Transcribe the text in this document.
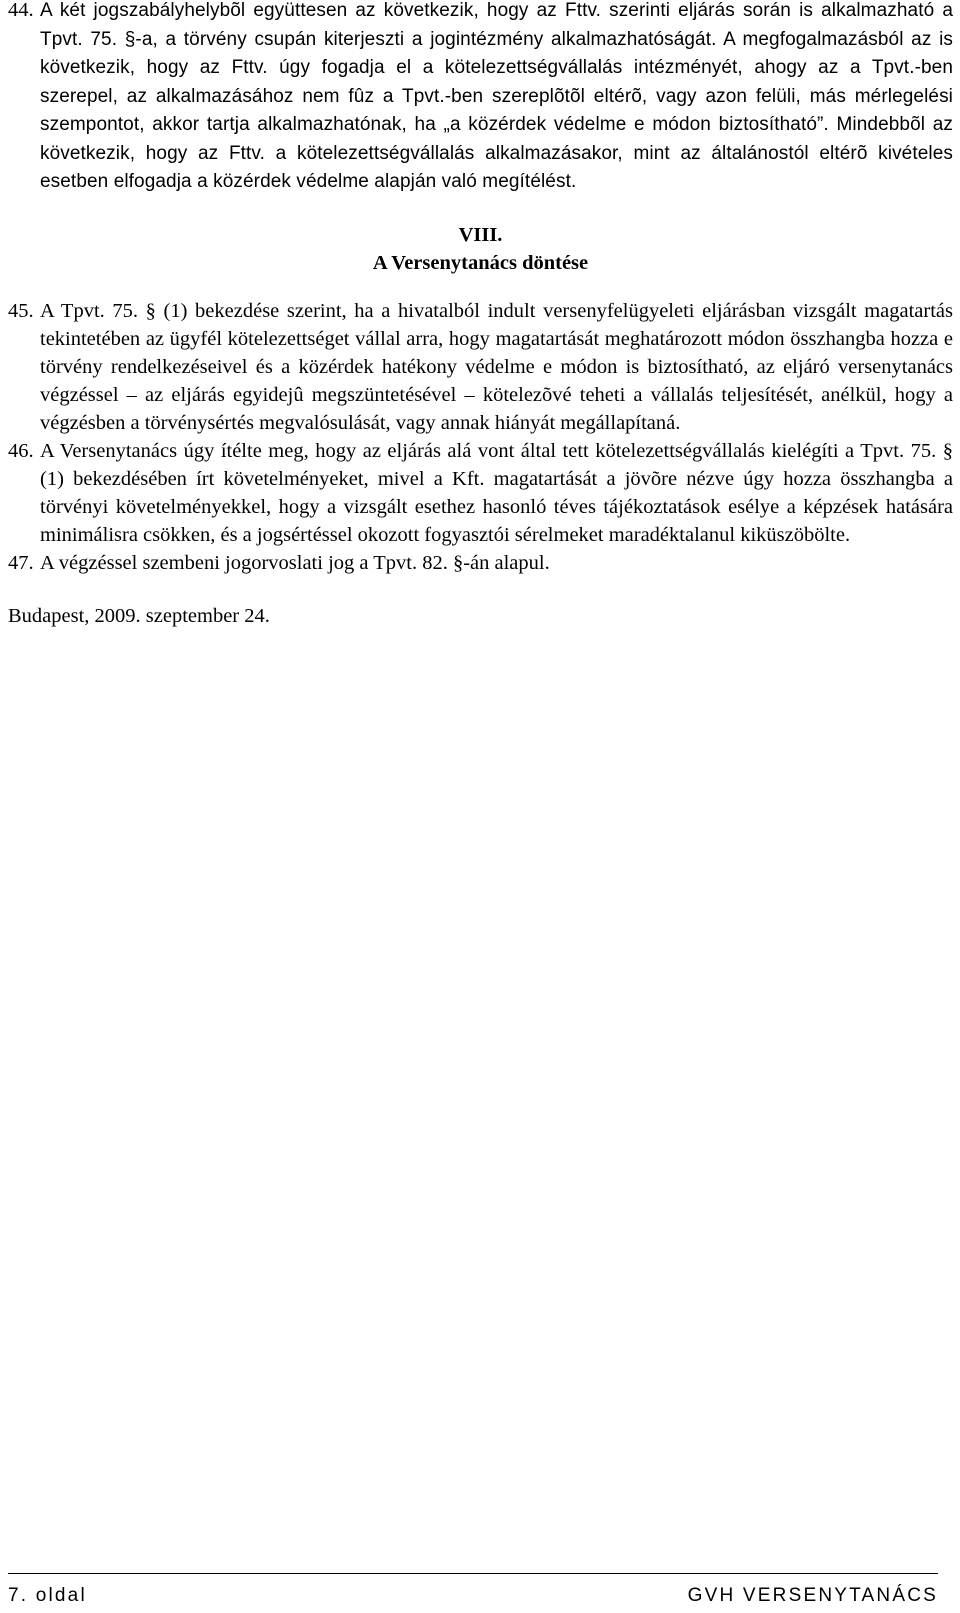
44. A két jogszabályhelybõl együttesen az következik, hogy az Fttv. szerinti eljárás során is alkalmazható a Tpvt. 75. §-a, a törvény csupán kiterjeszti a jogintézmény alkalmazhatóságát. A megfogalmazásból az is következik, hogy az Fttv. úgy fogadja el a kötelezettségvállalás intézményét, ahogy az a Tpvt.-ben szerepel, az alkalmazásához nem fûz a Tpvt.-ben szereplõtõl eltérõ, vagy azon felüli, más mérlegelési szempontot, akkor tartja alkalmazhatónak, ha „a közérdek védelme e módon biztosítható”. Mindebbõl az következik, hogy az Fttv. a kötelezettségvállalás alkalmazásakor, mint az általánostól eltérõ kivételes esetben elfogadja a közérdek védelme alapján való megítélést.

VIII.

A Versenytanács döntése

45. A Tpvt. 75. § (1) bekezdése szerint, ha a hivatalból indult versenyfelügyeleti eljárásban vizsgált magatartás tekintetében az ügyfél kötelezettséget vállal arra, hogy magatartását meghatározott módon összhangba hozza e törvény rendelkezéseivel és a közérdek hatékony védelme e módon is biztosítható, az eljáró versenytanács végzéssel – az eljárás egyidejû megszüntetésével – kötelezõvé teheti a vállalás teljesítését, anélkül, hogy a végzésben a törvénysértés megvalósulását, vagy annak hiányát megállapítaná.

46. A Versenytanács úgy ítélte meg, hogy az eljárás alá vont által tett kötelezettségvállalás kielégíti a Tpvt. 75. § (1) bekezdésében írt követelményeket, mivel a Kft. magatartását a jövõre nézve úgy hozza összhangba a törvényi követelményekkel, hogy a vizsgált esethez hasonló téves tájékoztatások esélye a képzések hatására minimálisra csökken, és a jogsértéssel okozott fogyasztói sérelmeket maradéktalanul kiküszöbölte.

47. A végzéssel szembeni jogorvoslati jog a Tpvt. 82. §-án alapul.

Budapest, 2009. szeptember 24.

7. oldal	GVH VERSENYTANÁCS
